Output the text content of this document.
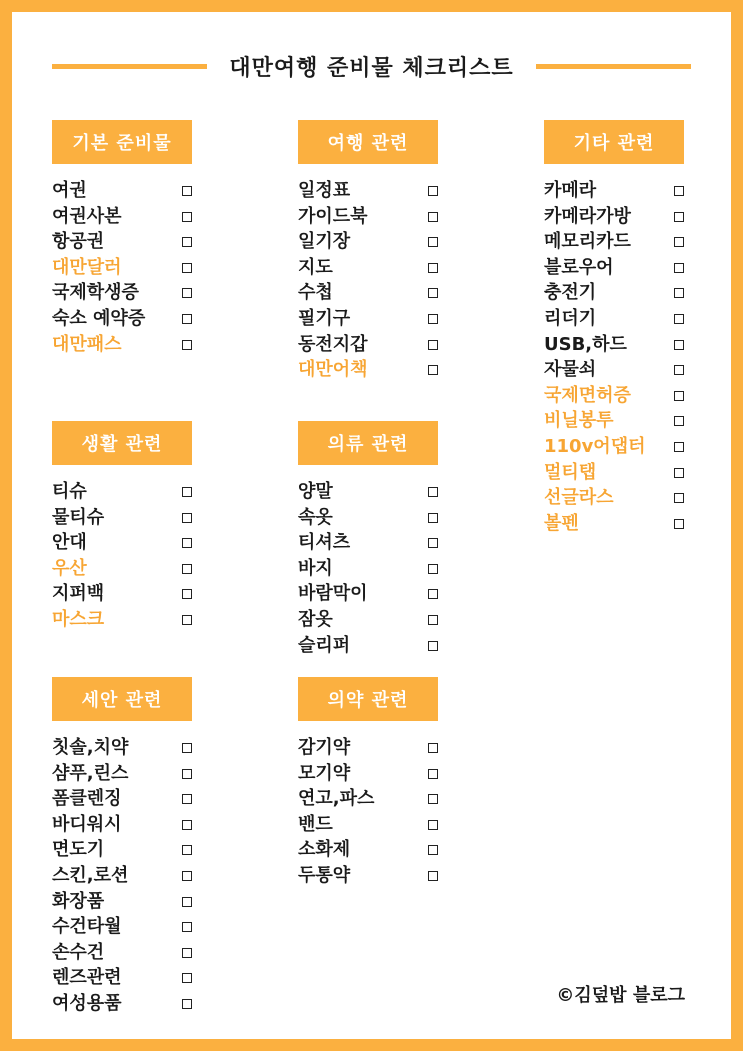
대만여행 준비물 체크리스트
기본 준비물
여권
여권사본
항공권
대만달러
국제학생증
숙소 예약증
대만패스
여행 관련
일정표
가이드북
일기장
지도
수첩
필기구
동전지갑
대만어책
기타 관련
카메라
카메라가방
메모리카드
블로우어
충전기
리더기
USB,하드
자물쇠
국제면허증
비닐봉투
110v어댑터
멀티탭
선글라스
볼펜
생활 관련
티슈
물티슈
안대
우산
지퍼백
마스크
의류 관련
양말
속옷
티셔츠
바지
바람막이
잠옷
슬리퍼
세안 관련
칫솔,치약
샴푸,린스
폼클렌징
바디워시
면도기
스킨,로션
화장품
수건타월
손수건
렌즈관련
여성용품
의약 관련
감기약
모기약
연고,파스
밴드
소화제
두통약
©김덮밥 블로그
